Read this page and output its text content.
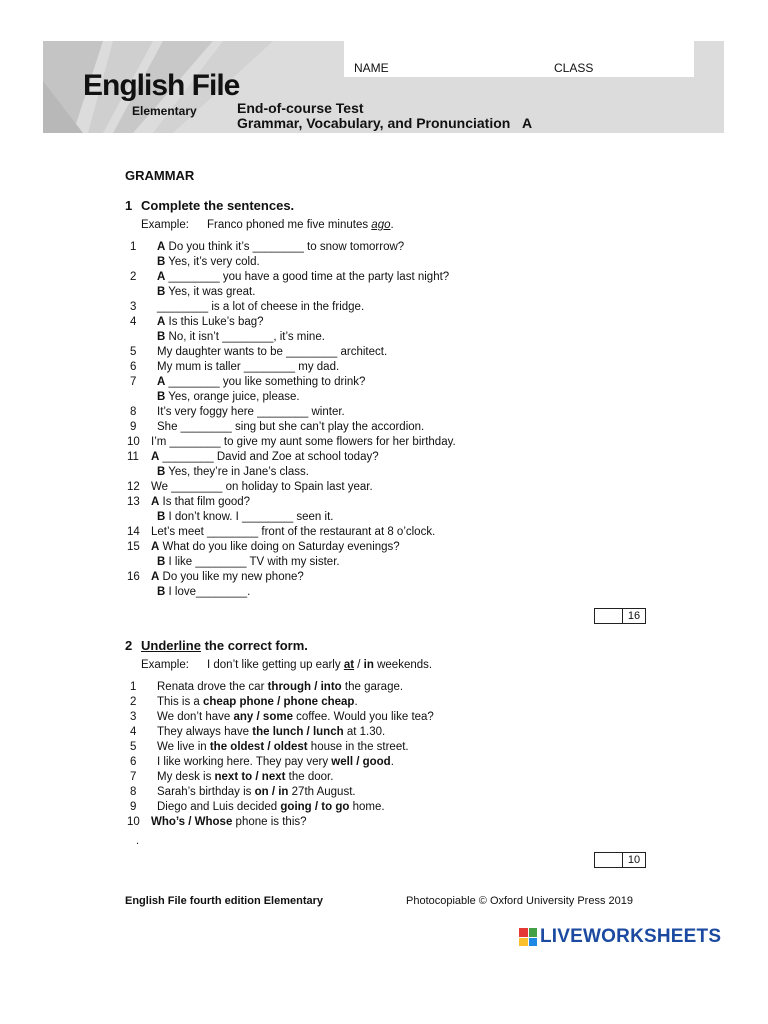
English File
Elementary
NAME	CLASS
End-of-course Test
Grammar, Vocabulary, and Pronunciation A
GRAMMAR
1 Complete the sentences.
Example: Franco phoned me five minutes ago.
1 A Do you think it’s ________ to snow tomorrow?
B Yes, it’s very cold.
2 A ________ you have a good time at the party last night?
B Yes, it was great.
3 ________ is a lot of cheese in the fridge.
4 A Is this Luke’s bag?
B No, it isn’t ________, it’s mine.
5 My daughter wants to be ________ architect.
6 My mum is taller ________ my dad.
7 A ________ you like something to drink?
B Yes, orange juice, please.
8 It’s very foggy here ________ winter.
9 She ________ sing but she can’t play the accordion.
10 I’m ________ to give my aunt some flowers for her birthday.
11 A ________ David and Zoe at school today?
B Yes, they’re in Jane’s class.
12 We ________ on holiday to Spain last year.
13 A Is that film good?
B I don’t know. I ________ seen it.
14 Let’s meet ________ front of the restaurant at 8 o’clock.
15 A What do you like doing on Saturday evenings?
B I like ________ TV with my sister.
16 A Do you like my new phone?
B I love________.
16
2 Underline the correct form.
Example: I don’t like getting up early at / in weekends.
1 Renata drove the car through / into the garage.
2 This is a cheap phone / phone cheap.
3 We don’t have any / some coffee. Would you like tea?
4 They always have the lunch / lunch at 1.30.
5 We live in the oldest / oldest house in the street.
6 I like working here. They pay very well / good.
7 My desk is next to / next the door.
8 Sarah’s birthday is on / in 27th August.
9 Diego and Luis decided going / to go home.
10 Who’s / Whose phone is this?
.
10
English File fourth edition Elementary	Photocopiable © Oxford University Press 2019
LIVEWORKSHEETS
